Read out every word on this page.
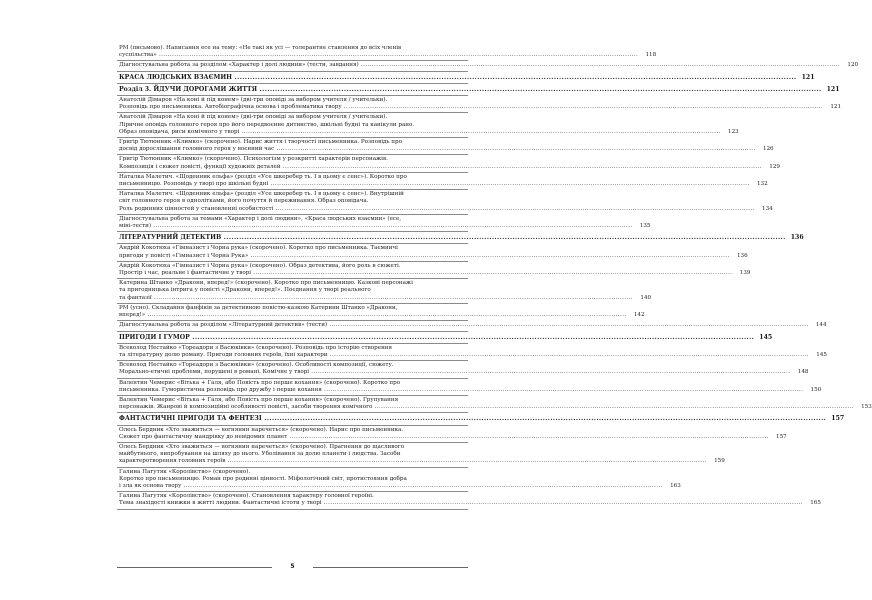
РМ (письмово). Написання есе на тему: «Не такі як усі — толерантне ставлення до всіх членів
суспільства» ............................................................................................................................................................................................................................	118
Діагностувальна робота за розділом «Характер і долі людини» (тести, завдання) ............................................................................................................................................................................................................................	120
КРАСА ЛЮДСЬКИХ ВЗАЄМИН ............................................................................................................................................................................................................................ 121
Розділ 3. ЙДУЧИ ДОРОГАМИ ЖИТТЯ ............................................................................................................................................................................................................................ 121
Анатолій Дімаров «На коні й під конем» (дві-три оповіді за вибором учителя / учительки).
Розповідь про письменника. Автобіографічна основа і проблематика твору ............................................................................................................................................................................................................................	121
Анатолій Дімаров «На коні й під конем» (дві-три оповіді за вибором учителя / учительки).
Ліричне оповідь головного героя про його передвоєнне дитинство, шкільні будні та канікули рано.
Образ оповідача, риси комічного у творі ............................................................................................................................................................................................................................	123
Григір Тютюнник «Климко» (скорочено). Нарис життя і творчості письменника. Розповідь про
досвід дорослішання головного героя у воєнний час ............................................................................................................................................................................................................................	126
Григір Тютюнник «Климко» (скорочено). Психологізм у розкритті характерів персонажів.
Композиція і сюжет повісті, функції художніх деталей ............................................................................................................................................................................................................................	129
Наталка Малетич. «Щоденник ельфа» (розділ «Усе шкеребер ть. І в цьому є сенс»). Коротко про
письменницю. Розповідь у творі про шкільні будні ............................................................................................................................................................................................................................	132
Наталка Малетич. «Щоденник ельфа» (розділ «Усе шкеребер ть. І в цьому є сенс»). Внутрішній
світ головного героя в однолітками, його почуття й переживання. Образ оповідача.
Роль родинних цінностей у становленні особистості ............................................................................................................................................................................................................................	134
Діагностувальна робота за темами «Характер і долі людини», «Краса людських взаємин» (есе,
міні-тести) ............................................................................................................................................................................................................................	135
ЛІТЕРАТУРНИЙ ДЕТЕКТИВ ............................................................................................................................................................................................................................ 136
Андрій Кокотюха «Гімназист і Чорна рука» (скорочено). Коротко про письменника. Таємничі
пригоди у повісті «Гімназист і Чорна Рука» ............................................................................................................................................................................................................................	136
Андрій Кокотюха «Гімназист і Чорна рука» (скорочено). Образ детектива, його роль в сюжеті.
Простір і час, реальне і фантастичне у творі ............................................................................................................................................................................................................................	139
Катерина Штанко «Дракони, вперед!» (скорочено). Коротко про письменницю. Казкові персонажі
та пригодницька інтрига у повісті «Дракони, вперед!». Поєднання у творі реального
та фантазії ............................................................................................................................................................................................................................	140
РМ (усно). Складання фанфіків за детективною повістю-казкою Катерини Штанко «Дракони,
вперед!» ............................................................................................................................................................................................................................	142
Діагностувальна робота за розділом «Літературний детектив» (тести) ............................................................................................................................................................................................................................	144
ПРИГОДИ І ГУМОР ............................................................................................................................................................................................................................ 145
Всеволод Нестайко «Тореадори з Васюківки» (скорочено). Розповідь про історію створення
та літературну долю роману. Пригоди головних героїв, їхні характери ............................................................................................................................................................................................................................	145
Всеволод Нестайко «Тореадори з Васюківки» (скорочено). Особливості композиції, сюжету.
Морально-етичні проблеми, порушені в романі. Комічне у творі ............................................................................................................................................................................................................................	148
Валентин Чемерис «Вітька + Галя, або Повість про перше кохання» (скорочено). Коротко про
письменника. Гумористична розповідь про дружбу і перше кохання ............................................................................................................................................................................................................................	150
Валентин Чемерис «Вітька + Галя, або Повість про перше кохання» (скорочено). Групування
персонажів. Жанрові й композиційні особливості повісті, засоби творення комічного ............................................................................................................................................................................................................................	153
ФАНТАСТИЧНІ ПРИГОДИ ТА ФЕНТЕЗІ ............................................................................................................................................................................................................................ 157
Олесь Бердник «Хто зважиться — вогнянин наречеться» (скорочено). Нарис про письменника.
Сюжет про фантастичну мандрівку до невідомих планет ............................................................................................................................................................................................................................	157
Олесь Бердник «Хто зважиться — вогнянин наречеться» (скорочено). Прагнення до щасливого
майбутнього, випробування на шляху до нього. Уболівання за долю планети і людства. Засоби
характеротворення головних героїв ............................................................................................................................................................................................................................	159
Галина Пагутяк «Королівство» (скорочено).
Коротко про письменницю. Роман про родинні цінності. Міфологічний світ, протистояння добра
і зла як основа твору ............................................................................................................................................................................................................................	163
Галина Пагутяк «Королівство» (скорочено). Становлення характеру головної героїні.
Тема знахідості книжки в житті людини. Фантастичні істоти у творі ............................................................................................................................................................................................................................	165
5
